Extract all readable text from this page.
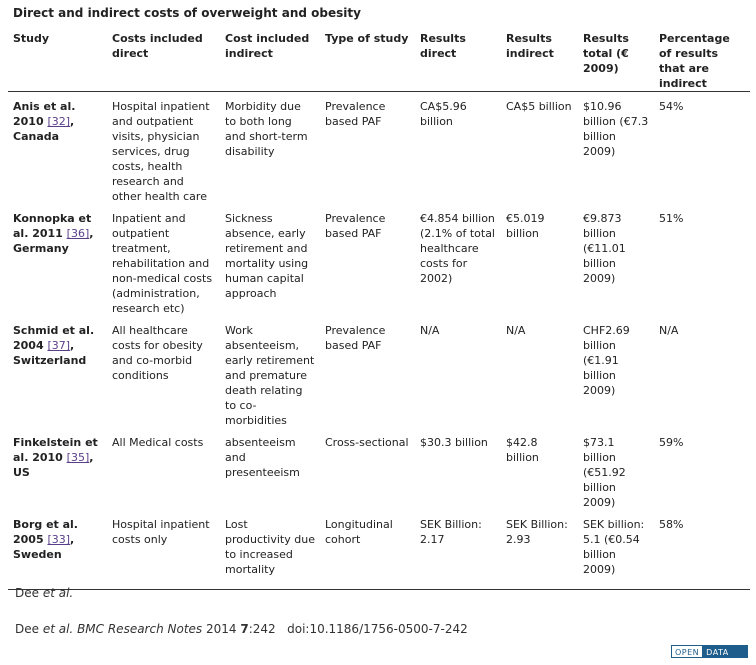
Direct and indirect costs of overweight and obesity
Study	Costs included direct	Cost included indirect	Type of study	Results direct	Results indirect	Results total (€ 2009)	Percentage of results that are indirect
Anis et al. 2010 [32], Canada	Hospital inpatient and outpatient visits, physician services, drug costs, health research and other health care	Morbidity due to both long and short-term disability	Prevalence based PAF	CA$5.96 billion	CA$5 billion	$10.96 billion (€7.3 billion 2009)	54%
Konnopka et al. 2011 [36], Germany	Inpatient and outpatient treatment, rehabilitation and non-medical costs (administration, research etc)	Sickness absence, early retirement and mortality using human capital approach	Prevalence based PAF	€4.854 billion (2.1% of total healthcare costs for 2002)	€5.019 billion	€9.873 billion (€11.01 billion 2009)	51%
Schmid et al. 2004 [37], Switzerland	All healthcare costs for obesity and co-morbid conditions	Work absenteeism, early retirement and premature death relating to co-morbidities	Prevalence based PAF	N/A	N/A	CHF2.69 billion (€1.91 billion 2009)	N/A
Finkelstein et al. 2010 [35], US	All Medical costs	absenteeism and presenteeism	Cross-sectional	$30.3 billion	$42.8 billion	$73.1 billion (€51.92 billion 2009)	59%
Borg et al. 2005 [33], Sweden	Hospital inpatient costs only	Lost productivity due to increased mortality	Longitudinal cohort	SEK Billion: 2.17	SEK Billion: 2.93	SEK billion: 5.1 (€0.54 billion 2009)	58%
Dee et al.
Dee et al. BMC Research Notes 2014 7:242 doi:10.1186/1756-0500-7-242
OPEN DATA
